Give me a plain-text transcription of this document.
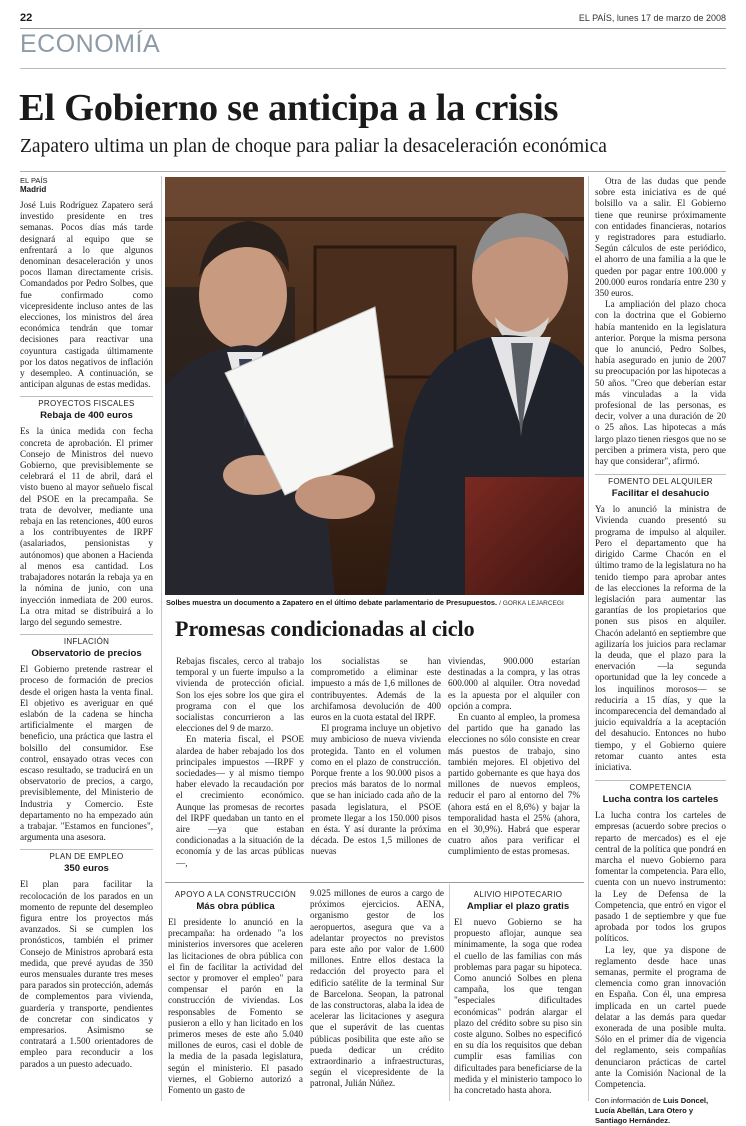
22	EL PAÍS, lunes 17 de marzo de 2008
ECONOMÍA
El Gobierno se anticipa a la crisis
Zapatero ultima un plan de choque para paliar la desaceleración económica
EL PAÍS
Madrid

José Luis Rodríguez Zapatero será investido presidente en tres semanas. Pocos días más tarde designará al equipo que se enfrentará a lo que algunos denominan desaceleración y unos pocos llaman directamente crisis. Comandados por Pedro Solbes, que fue confirmado como vicepresidente incluso antes de las elecciones, los ministros del área económica tendrán que tomar decisiones para reactivar una coyuntura castigada últimamente por los datos negativos de inflación y desempleo. A continuación, se anticipan algunas de estas medidas.

PROYECTOS FISCALES
Rebaja de 400 euros

Es la única medida con fecha concreta de aprobación. El primer Consejo de Ministros del nuevo Gobierno, que previsiblemente se celebrará el 11 de abril, dará el visto bueno al mayor señuelo fiscal del PSOE en la precampaña. Se trata de devolver, mediante una rebaja en las retenciones, 400 euros a los contribuyentes de IRPF (asalariados, pensionistas y autónomos) que abonen a Hacienda al menos esa cantidad. Los trabajadores notarán la rebaja ya en la nómina de junio, con una inyección inmediata de 200 euros. La otra mitad se distribuirá a lo largo del segundo semestre.

INFLACIÓN
Observatorio de precios

El Gobierno pretende rastrear el proceso de formación de precios desde el origen hasta la venta final. El objetivo es averiguar en qué eslabón de la cadena se hincha artificialmente el margen de beneficio, una práctica que lastra el bolsillo del consumidor. Ese control, ensayado otras veces con escaso resultado, se traducirá en un observatorio de precios, a cargo, previsiblemente, del Ministerio de Industria y Comercio. Este departamento no ha empezado aún a trabajar. "Estamos en funciones", argumenta una asesora.

PLAN DE EMPLEO
350 euros

El plan para facilitar la recolocación de los parados en un momento de repunte del desempleo figura entre los proyectos más avanzados. Si se cumplen los pronósticos, también el primer Consejo de Ministros aprobará esta medida, que prevé ayudas de 350 euros mensuales durante tres meses para parados sin protección, además de complementos para vivienda, guardería y transporte, pendientes de concretar con sindicatos y empresarios. Asimismo se contratará a 1.500 orientadores de empleo para reconducir a los parados a un puesto adecuado.

Solbes muestra un documento a Zapatero en el último debate parlamentario de Presupuestos. / GORKA LEJARCEGI

Otra de las dudas que pende sobre esta iniciativa es de qué bolsillo va a salir. El Gobierno tiene que reunirse próximamente con entidades financieras, notarios y registradores para estudiarlo. Según cálculos de este periódico, el ahorro de una familia a la que le queden por pagar entre 100.000 y 200.000 euros rondaría entre 230 y 350 euros.

La ampliación del plazo choca con la doctrina que el Gobierno había mantenido en la legislatura anterior. Porque la misma persona que lo anunció, Pedro Solbes, había asegurado en junio de 2007 su preocupación por las hipotecas a 50 años. "Creo que deberían estar más vinculadas a la vida profesional de las personas, es decir, volver a una duración de 20 o 25 años. Las hipotecas a más largo plazo tienen riesgos que no se perciben a primera vista, pero que hay que considerar", afirmó.

FOMENTO DEL ALQUILER
Facilitar el desahucio

Ya lo anunció la ministra de Vivienda cuando presentó su programa de impulso al alquiler. Pero el departamento que ha dirigido Carme Chacón en el último tramo de la legislatura no ha tenido tiempo para aprobar antes de las elecciones la reforma de la legislación para aumentar las garantías de los propietarios que ponen sus pisos en alquiler. Chacón adelantó en septiembre que agilizaría los juicios para reclamar la deuda, que el plazo para la enervación —la segunda oportunidad que la ley concede a los inquilinos morosos— se reduciría a 15 días, y que la incomparecencia del demandado al juicio equivaldría a la aceptación del desahucio. Entonces no hubo tiempo, y el Gobierno quiere retomar cuanto antes esta iniciativa.

COMPETENCIA
Lucha contra los carteles

La lucha contra los carteles de empresas (acuerdo sobre precios o reparto de mercados) es el eje central de la política que pondrá en marcha el nuevo Gobierno para fomentar la competencia. Para ello, cuenta con un nuevo instrumento: la Ley de Defensa de la Competencia, que entró en vigor el pasado 1 de septiembre y que fue aprobada por todos los grupos políticos.

La ley, que ya dispone de reglamento desde hace unas semanas, permite el programa de clemencia como gran innovación en España. Con él, una empresa implicada en un cartel puede delatar a las demás para quedar exonerada de una posible multa. Sólo en el primer día de vigencia del reglamento, seis compañías denunciaron prácticas de cartel ante la Comisión Nacional de la Competencia.

Con información de Luis Doncel, Lucía Abellán, Lara Otero y Santiago Hernández.
Promesas condicionadas al ciclo

Rebajas fiscales, cerco al trabajo temporal y un fuerte impulso a la vivienda de protección oficial. Son los ejes sobre los que gira el programa con el que los socialistas concurrieron a las elecciones del 9 de marzo.

En materia fiscal, el PSOE alardea de haber rebajado los dos principales impuestos —IRPF y sociedades— y al mismo tiempo haber elevado la recaudación por el crecimiento económico. Aunque las promesas de recortes del IRPF quedaban un tanto en el aire —ya que estaban condicionadas a la situación de la economía y de las arcas públicas—,

los socialistas se han comprometido a eliminar este impuesto a más de 1,6 millones de contribuyentes. Además de la archifamosa devolución de 400 euros en la cuota estatal del IRPF.

El programa incluye un objetivo muy ambicioso de nueva vivienda protegida. Tanto en el volumen como en el plazo de construcción. Porque frente a los 90.000 pisos a precios más baratos de lo normal que se han iniciado cada año de la pasada legislatura, el PSOE promete llegar a los 150.000 pisos en ésta. Y así durante la próxima década. De estos 1,5 millones de nuevas

viviendas, 900.000 estarían destinadas a la compra, y las otras 600.000 al alquiler. Otra novedad es la apuesta por el alquiler con opción a compra.

En cuanto al empleo, la promesa del partido que ha ganado las elecciones no sólo consiste en crear más puestos de trabajo, sino también mejores. El objetivo del partido gobernante es que haya dos millones de nuevos empleos, reducir el paro al entorno del 7% (ahora está en el 8,6%) y bajar la temporalidad hasta el 25% (ahora, en el 30,9%). Habrá que esperar cuatro años para verificar el cumplimiento de estas promesas.

APOYO A LA CONSTRUCCIÓN
Más obra pública

El presidente lo anunció en la precampaña: ha ordenado "a los ministerios inversores que aceleren las licitaciones de obra pública con el fin de facilitar la actividad del sector y promover el empleo" para compensar el parón en la construcción de viviendas. Los responsables de Fomento se pusieron a ello y han licitado en los primeros meses de este año 5.040 millones de euros, casi el doble de la media de la pasada legislatura, según el ministerio. El pasado viernes, el Gobierno autorizó a Fomento un gasto de

9.025 millones de euros a cargo de próximos ejercicios. AENA, organismo gestor de los aeropuertos, asegura que va a adelantar proyectos no previstos para este año por valor de 1.600 millones. Entre ellos destaca la redacción del proyecto para el edificio satélite de la terminal Sur de Barcelona. Seopan, la patronal de las constructoras, alaba la idea de acelerar las licitaciones y asegura que el superávit de las cuentas públicas posibilita que este año se pueda dedicar un crédito extraordinario a infraestructuras, según el vicepresidente de la patronal, Julián Núñez.

ALIVIO HIPOTECARIO
Ampliar el plazo gratis

El nuevo Gobierno se ha propuesto aflojar, aunque sea mínimamente, la soga que rodea el cuello de las familias con más problemas para pagar su hipoteca. Como anunció Solbes en plena campaña, los que tengan "especiales dificultades económicas" podrán alargar el plazo del crédito sobre su piso sin coste alguno. Solbes no especificó en su día los requisitos que deban cumplir esas familias con dificultades para beneficiarse de la medida y el ministerio tampoco lo ha concretado hasta ahora.
